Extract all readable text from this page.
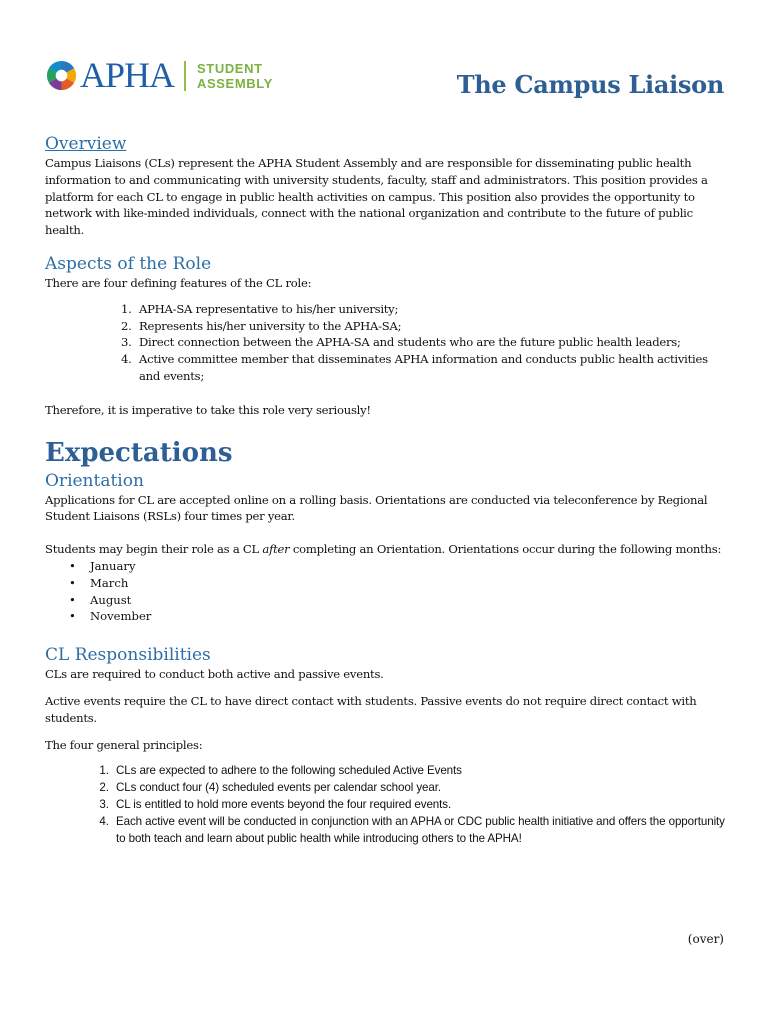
APHA STUDENT
ASSEMBLY	The Campus Liaison
Overview

Campus Liaisons (CLs) represent the APHA Student Assembly and are responsible for disseminating public health information to and communicating with university students, faculty, staff and administrators. This position provides a platform for each CL to engage in public health activities on campus. This position also provides the opportunity to network with like-minded individuals, connect with the national organization and contribute to the future of public health.

Aspects of the Role

There are four defining features of the CL role:

1. APHA-SA representative to his/her university;
2. Represents his/her university to the APHA-SA;
3. Direct connection between the APHA-SA and students who are the future public health leaders;
4. Active committee member that disseminates APHA information and conducts public health activities and events;

Therefore, it is imperative to take this role very seriously!

Expectations
Orientation

Applications for CL are accepted online on a rolling basis. Orientations are conducted via teleconference by Regional Student Liaisons (RSLs) four times per year.

Students may begin their role as a CL after completing an Orientation. Orientations occur during the following months:

• January
• March
• August
• November
CL Responsibilities

CLs are required to conduct both active and passive events.

Active events require the CL to have direct contact with students. Passive events do not require direct contact with students.

The four general principles:

1. CLs are expected to adhere to the following scheduled Active Events
2. CLs conduct four (4) scheduled events per calendar school year.
3. CL is entitled to hold more events beyond the four required events.
4. Each active event will be conducted in conjunction with an APHA or CDC public health initiative and offers the opportunity to both teach and learn about public health while introducing others to the APHA!
(over)
